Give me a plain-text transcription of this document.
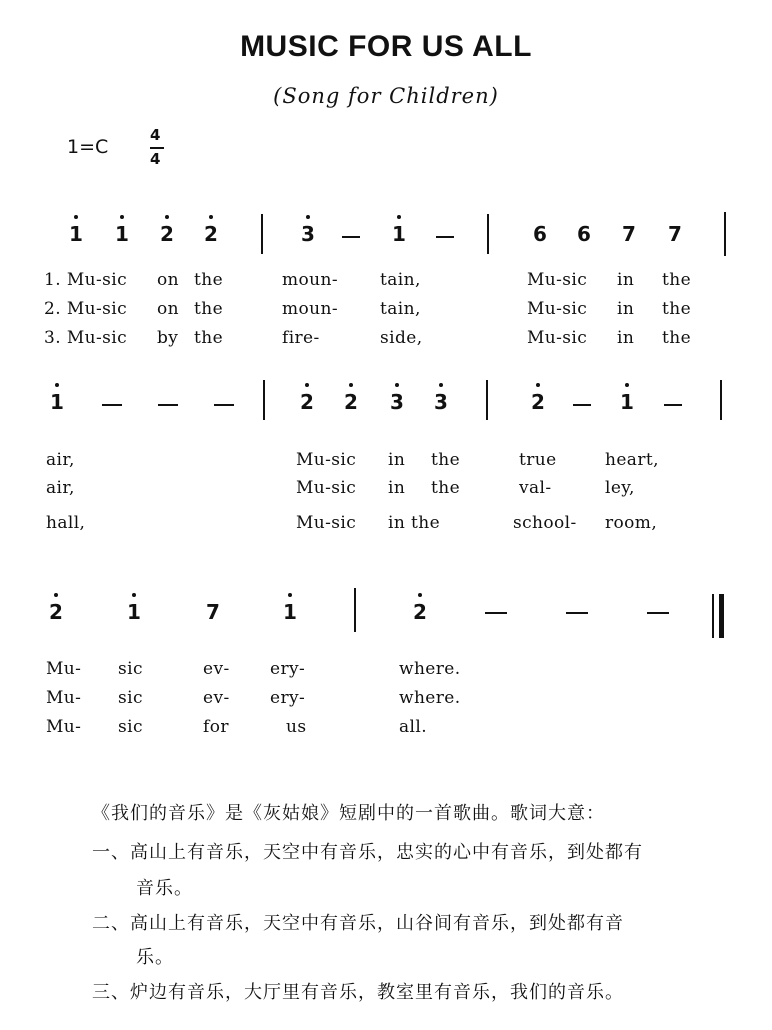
MUSIC FOR US ALL
(Song for Children)
1=C
4
4
1 1 2 2	3	1	6 6 7 7
1. Mu-sic on the	moun- tain,	Mu-sic in the
2. Mu-sic on the	moun- tain,	Mu-sic in the
3. Mu-sic by the	fire-	side,	Mu-sic in the
1	2 2 3 3	2	1
air,	Mu-sic in the	true	heart,
air,	Mu-sic in the	val-	ley,
hall,	Mu-sic in the	school- room,
2	1	7	1	2
Mu- sic	ev- ery-	where.
Mu- sic	ev- ery-	where.
Mu- sic	for	us	all.
《我们的音乐》是《灰姑娘》短剧中的一首歌曲。歌词大意：
一、高山上有音乐，天空中有音乐，忠实的心中有音乐，到处都有
音乐。
二、高山上有音乐，天空中有音乐，山谷间有音乐，到处都有音
乐。
三、炉边有音乐，大厅里有音乐，教室里有音乐，我们的音乐。
